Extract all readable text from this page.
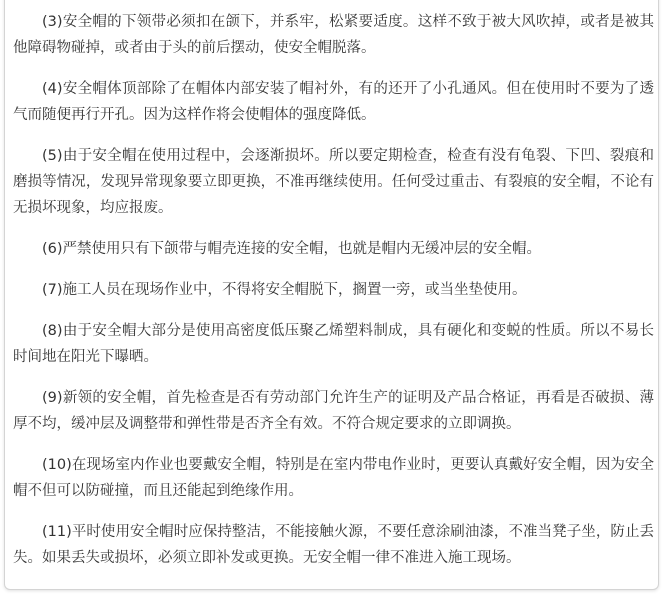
(3)安全帽的下领带必须扣在颌下，并系牢，松紧要适度。这样不致于被大风吹掉，或者是被其他障碍物碰掉，或者由于头的前后摆动，使安全帽脱落。

(4)安全帽体顶部除了在帽体内部安装了帽衬外，有的还开了小孔通风。但在使用时不要为了透气而随便再行开孔。因为这样作将会使帽体的强度降低。

(5)由于安全帽在使用过程中，会逐渐损坏。所以要定期检查，检查有没有龟裂、下凹、裂痕和磨损等情况，发现异常现象要立即更换，不准再继续使用。任何受过重击、有裂痕的安全帽，不论有无损坏现象，均应报废。

(6)严禁使用只有下颌带与帽壳连接的安全帽，也就是帽内无缓冲层的安全帽。

(7)施工人员在现场作业中，不得将安全帽脱下，搁置一旁，或当坐垫使用。

(8)由于安全帽大部分是使用高密度低压聚乙烯塑料制成，具有硬化和变蜕的性质。所以不易长时间地在阳光下曝晒。

(9)新领的安全帽，首先检查是否有劳动部门允许生产的证明及产品合格证，再看是否破损、薄厚不均，缓冲层及调整带和弹性带是否齐全有效。不符合规定要求的立即调换。

(10)在现场室内作业也要戴安全帽，特别是在室内带电作业时，更要认真戴好安全帽，因为安全帽不但可以防碰撞，而且还能起到绝缘作用。

(11)平时使用安全帽时应保持整洁，不能接触火源，不要任意涂刷油漆，不准当凳子坐，防止丢失。如果丢失或损坏，必须立即补发或更换。无安全帽一律不准进入施工现场。
